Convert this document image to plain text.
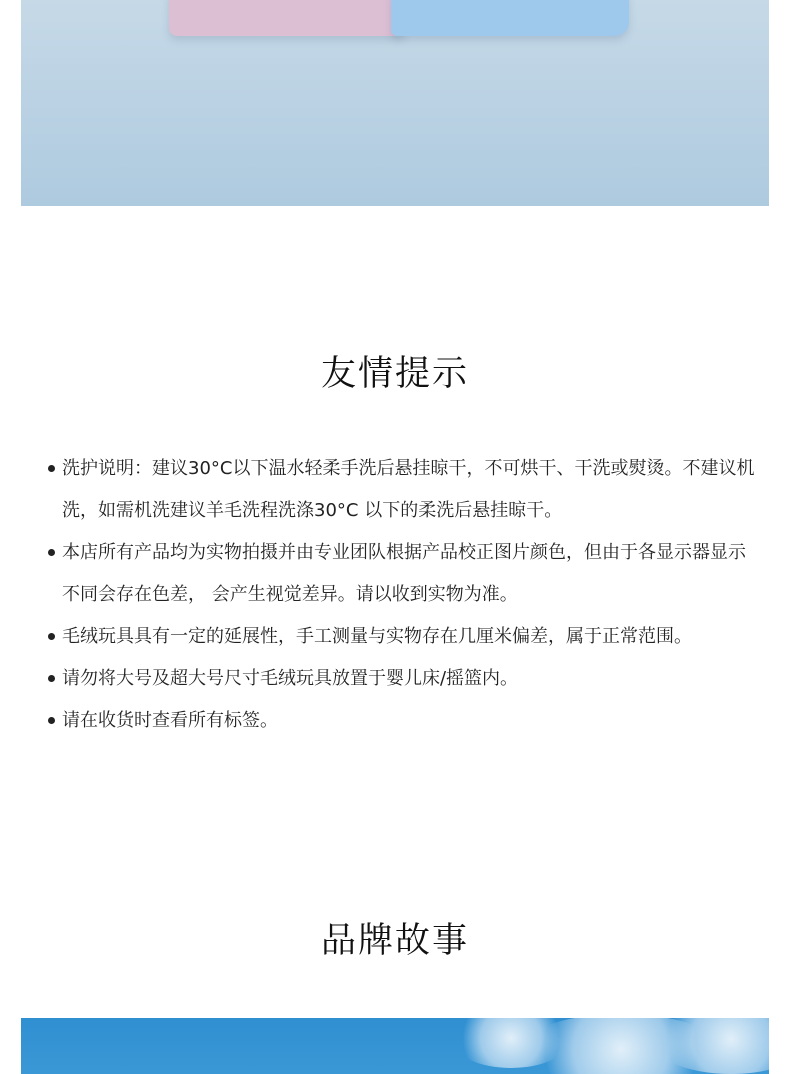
友情提示
洗护说明：建议30°C以下温水轻柔手洗后悬挂晾干，不可烘干、干洗或熨烫。不建议机洗，如需机洗建议羊毛洗程洗涤30°C 以下的柔洗后悬挂晾干。
本店所有产品均为实物拍摄并由专业团队根据产品校正图片颜色，但由于各显示器显示不同会存在色差， 会产生视觉差异。请以收到实物为准。
毛绒玩具具有一定的延展性，手工测量与实物存在几厘米偏差，属于正常范围。
请勿将大号及超大号尺寸毛绒玩具放置于婴儿床/摇篮内。
请在收货时查看所有标签。
品牌故事
